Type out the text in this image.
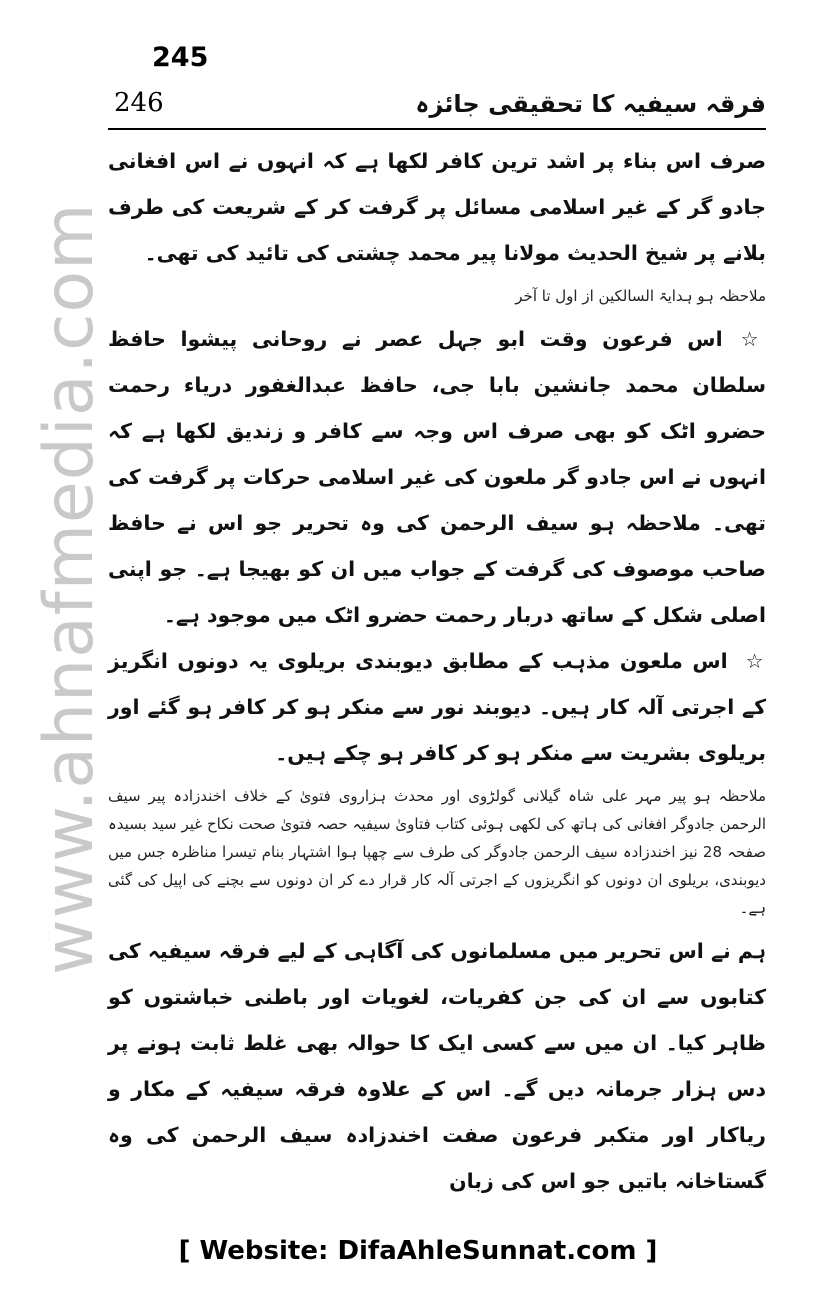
245
246	فرقہ سیفیہ کا تحقیقی جائزہ
www.ahnafmedia.com

صرف اس بناء پر اشد ترین کافر لکھا ہے کہ انہوں نے اس افغانی جادو گر کے غیر اسلامی مسائل پر گرفت کر کے شریعت کی طرف بلانے پر شیخ الحدیث مولانا پیر محمد چشتی کی تائید کی تھی۔

ملاحظہ ہو ہدایۃ السالکین از اول تا آخر

☆اس فرعون وقت ابو جہل عصر نے روحانی پیشوا حافظ سلطان محمد جانشین بابا جی، حافظ عبدالغفور دریاء رحمت حضرو اٹک کو بھی صرف اس وجہ سے کافر و زندیق لکھا ہے کہ انہوں نے اس جادو گر ملعون کی غیر اسلامی حرکات پر گرفت کی تھی۔ ملاحظہ ہو سیف الرحمن کی وہ تحریر جو اس نے حافظ صاحب موصوف کی گرفت کے جواب میں ان کو بھیجا ہے۔ جو اپنی اصلی شکل کے ساتھ دربار رحمت حضرو اٹک میں موجود ہے۔

☆اس ملعون مذہب کے مطابق دیوبندی بریلوی یہ دونوں انگریز کے اجرتی آلہ کار ہیں۔ دیوبند نور سے منکر ہو کر کافر ہو گئے اور بریلوی بشریت سے منکر ہو کر کافر ہو چکے ہیں۔

ملاحظہ ہو پیر مہر علی شاہ گیلانی گولڑوی اور محدث ہزاروی فتویٰ کے خلاف اخندزادہ پیر سیف الرحمن جادوگر افغانی کی ہاتھ کی لکھی ہوئی کتاب فتاویٰ سیفیہ حصہ فتویٰ صحت نکاح غیر سید بسیدہ صفحہ 28 نیز اخندزادہ سیف الرحمن جادوگر کی طرف سے چھپا ہوا اشتہار بنام تیسرا مناظرہ جس میں دیوبندی، بریلوی ان دونوں کو انگریزوں کے اجرتی آلہ کار قرار دے کر ان دونوں سے بچنے کی اپیل کی گئی ہے۔

ہم نے اس تحریر میں مسلمانوں کی آگاہی کے لیے فرقہ سیفیہ کی کتابوں سے ان کی جن کفریات، لغویات اور باطنی خباشتوں کو ظاہر کیا۔ ان میں سے کسی ایک کا حوالہ بھی غلط ثابت ہونے پر دس ہزار جرمانہ دیں گے۔ اس کے علاوہ فرقہ سیفیہ کے مکار و ریاکار اور متکبر فرعون صفت اخندزادہ سیف الرحمن کی وہ گستاخانہ باتیں جو اس کی زبان

[ Website: DifaAhleSunnat.com ]
